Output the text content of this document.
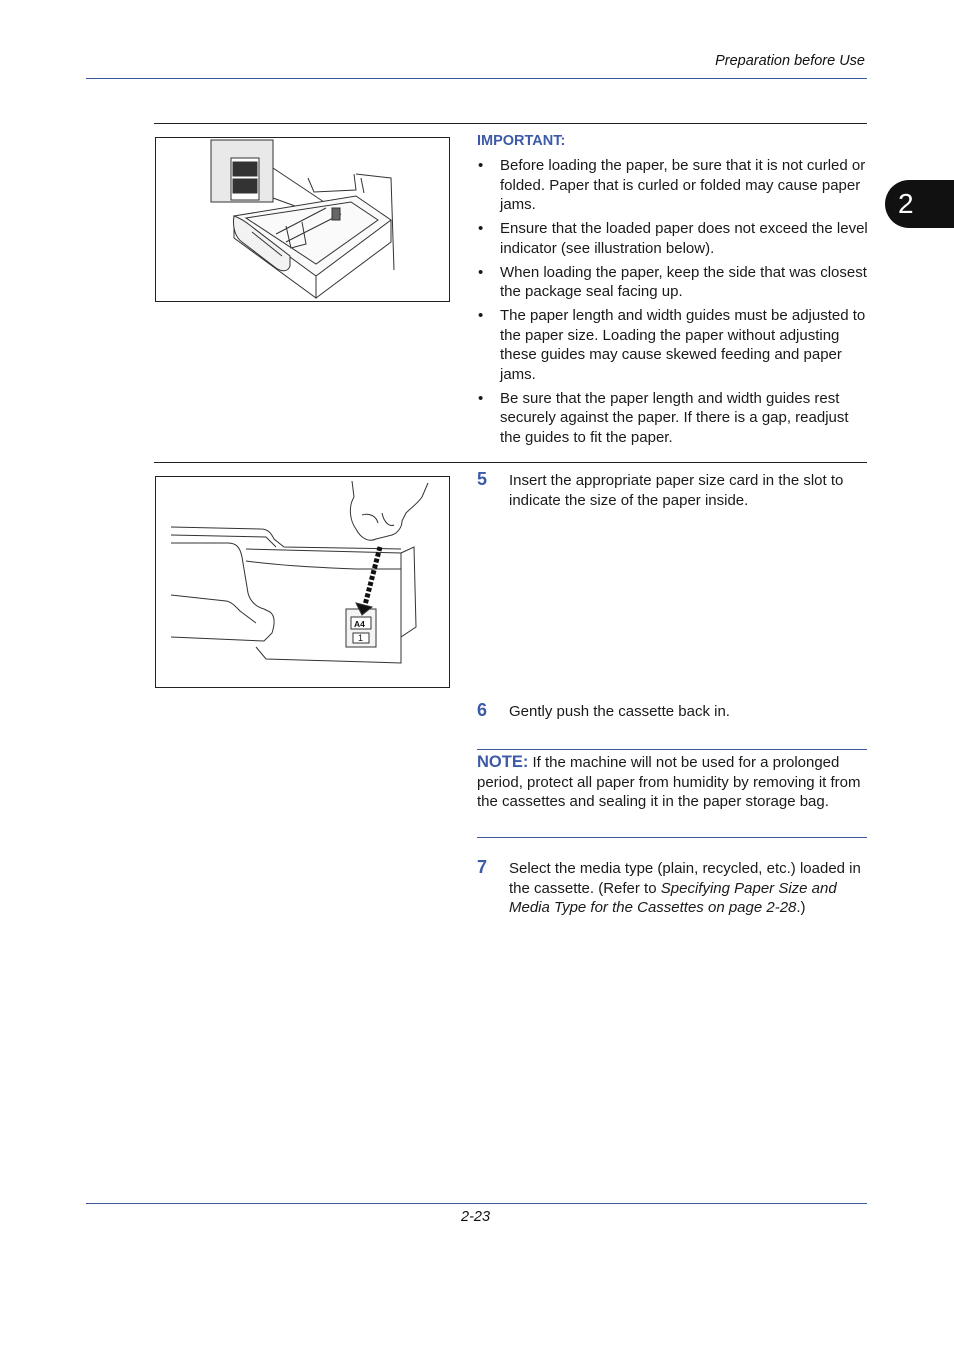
Preparation before Use
2
IMPORTANT:
• Before loading the paper, be sure that it is not curled or folded. Paper that is curled or folded may cause paper jams.
• Ensure that the loaded paper does not exceed the level indicator (see illustration below).
• When loading the paper, keep the side that was closest the package seal facing up.
• The paper length and width guides must be adjusted to the paper size. Loading the paper without adjusting these guides may cause skewed feeding and paper jams.
• Be sure that the paper length and width guides rest securely against the paper. If there is a gap, readjust the guides to fit the paper.
A4
1
5 Insert the appropriate paper size card in the slot to indicate the size of the paper inside.
6 Gently push the cassette back in.
NOTE: If the machine will not be used for a prolonged period, protect all paper from humidity by removing it from the cassettes and sealing it in the paper storage bag.
7 Select the media type (plain, recycled, etc.) loaded in the cassette. (Refer to Specifying Paper Size and Media Type for the Cassettes on page 2-28.)
2-23
